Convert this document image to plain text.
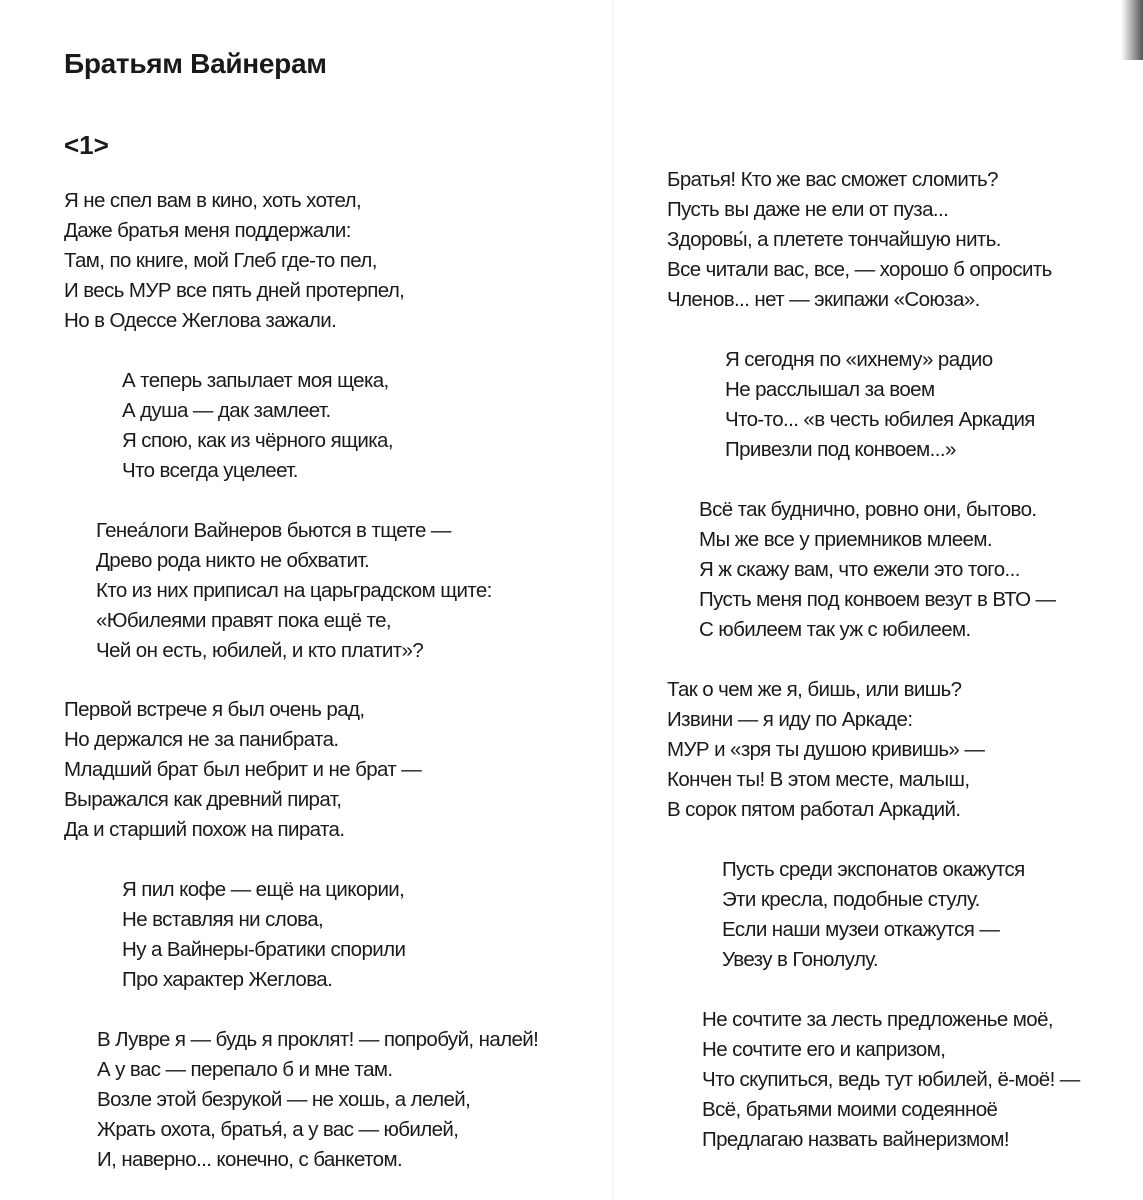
Братьям Вайнерам
<1>
Я не спел вам в кино, хоть хотел,
Даже братья меня поддержали:
Там, по книге, мой Глеб где-то пел,
И весь МУР все пять дней протерпел,
Но в Одессе Жеглова зажали.
А теперь запылает моя щека,
А душа — дак замлеет.
Я спою, как из чёрного ящика,
Что всегда уцелеет.
Генеа́логи Вайнеров бьются в тщете —
Древо рода никто не обхватит.
Кто из них приписал на царьградском щите:
«Юбилеями правят пока ещё те,
Чей он есть, юбилей, и кто платит»?
Первой встрече я был очень рад,
Но держался не за панибрата.
Младший брат был небрит и не брат —
Выражался как древний пират,
Да и старший похож на пирата.
Я пил кофе — ещё на цикории,
Не вставляя ни слова,
Ну а Вайнеры-братики спорили
Про характер Жеглова.
В Лувре я — будь я проклят! — попробуй, налей!
А у вас — перепало б и мне там.
Возле этой безрукой — не хошь, а лелей,
Жрать охота, братья́, а у вас — юбилей,
И, наверно... конечно, с банкетом.
Братья! Кто же вас сможет сломить?
Пусть вы даже не ели от пуза...
Здоровы́, а плетете тончайшую нить.
Все читали вас, все, — хорошо б опросить
Членов... нет — экипажи «Союза».
Я сегодня по «ихнему» радио
Не расслышал за воем
Что-то... «в честь юбилея Аркадия
Привезли под конвоем...»
Всё так буднично, ровно они, бытово.
Мы же все у приемников млеем.
Я ж скажу вам, что ежели это того...
Пусть меня под конвоем везут в ВТО —
С юбилеем так уж с юбилеем.
Так о чем же я, бишь, или вишь?
Извини — я иду по Аркаде:
МУР и «зря ты душою кривишь» —
Кончен ты! В этом месте, малыш,
В сорок пятом работал Аркадий.
Пусть среди экспонатов окажутся
Эти кресла, подобные стулу.
Если наши музеи откажутся —
Увезу в Гонолулу.
Не сочтите за лесть предложенье моё,
Не сочтите его и капризом,
Что скупиться, ведь тут юбилей, ё-моё! —
Всё, братьями моими содеянноё
Предлагаю назвать вайнеризмом!
